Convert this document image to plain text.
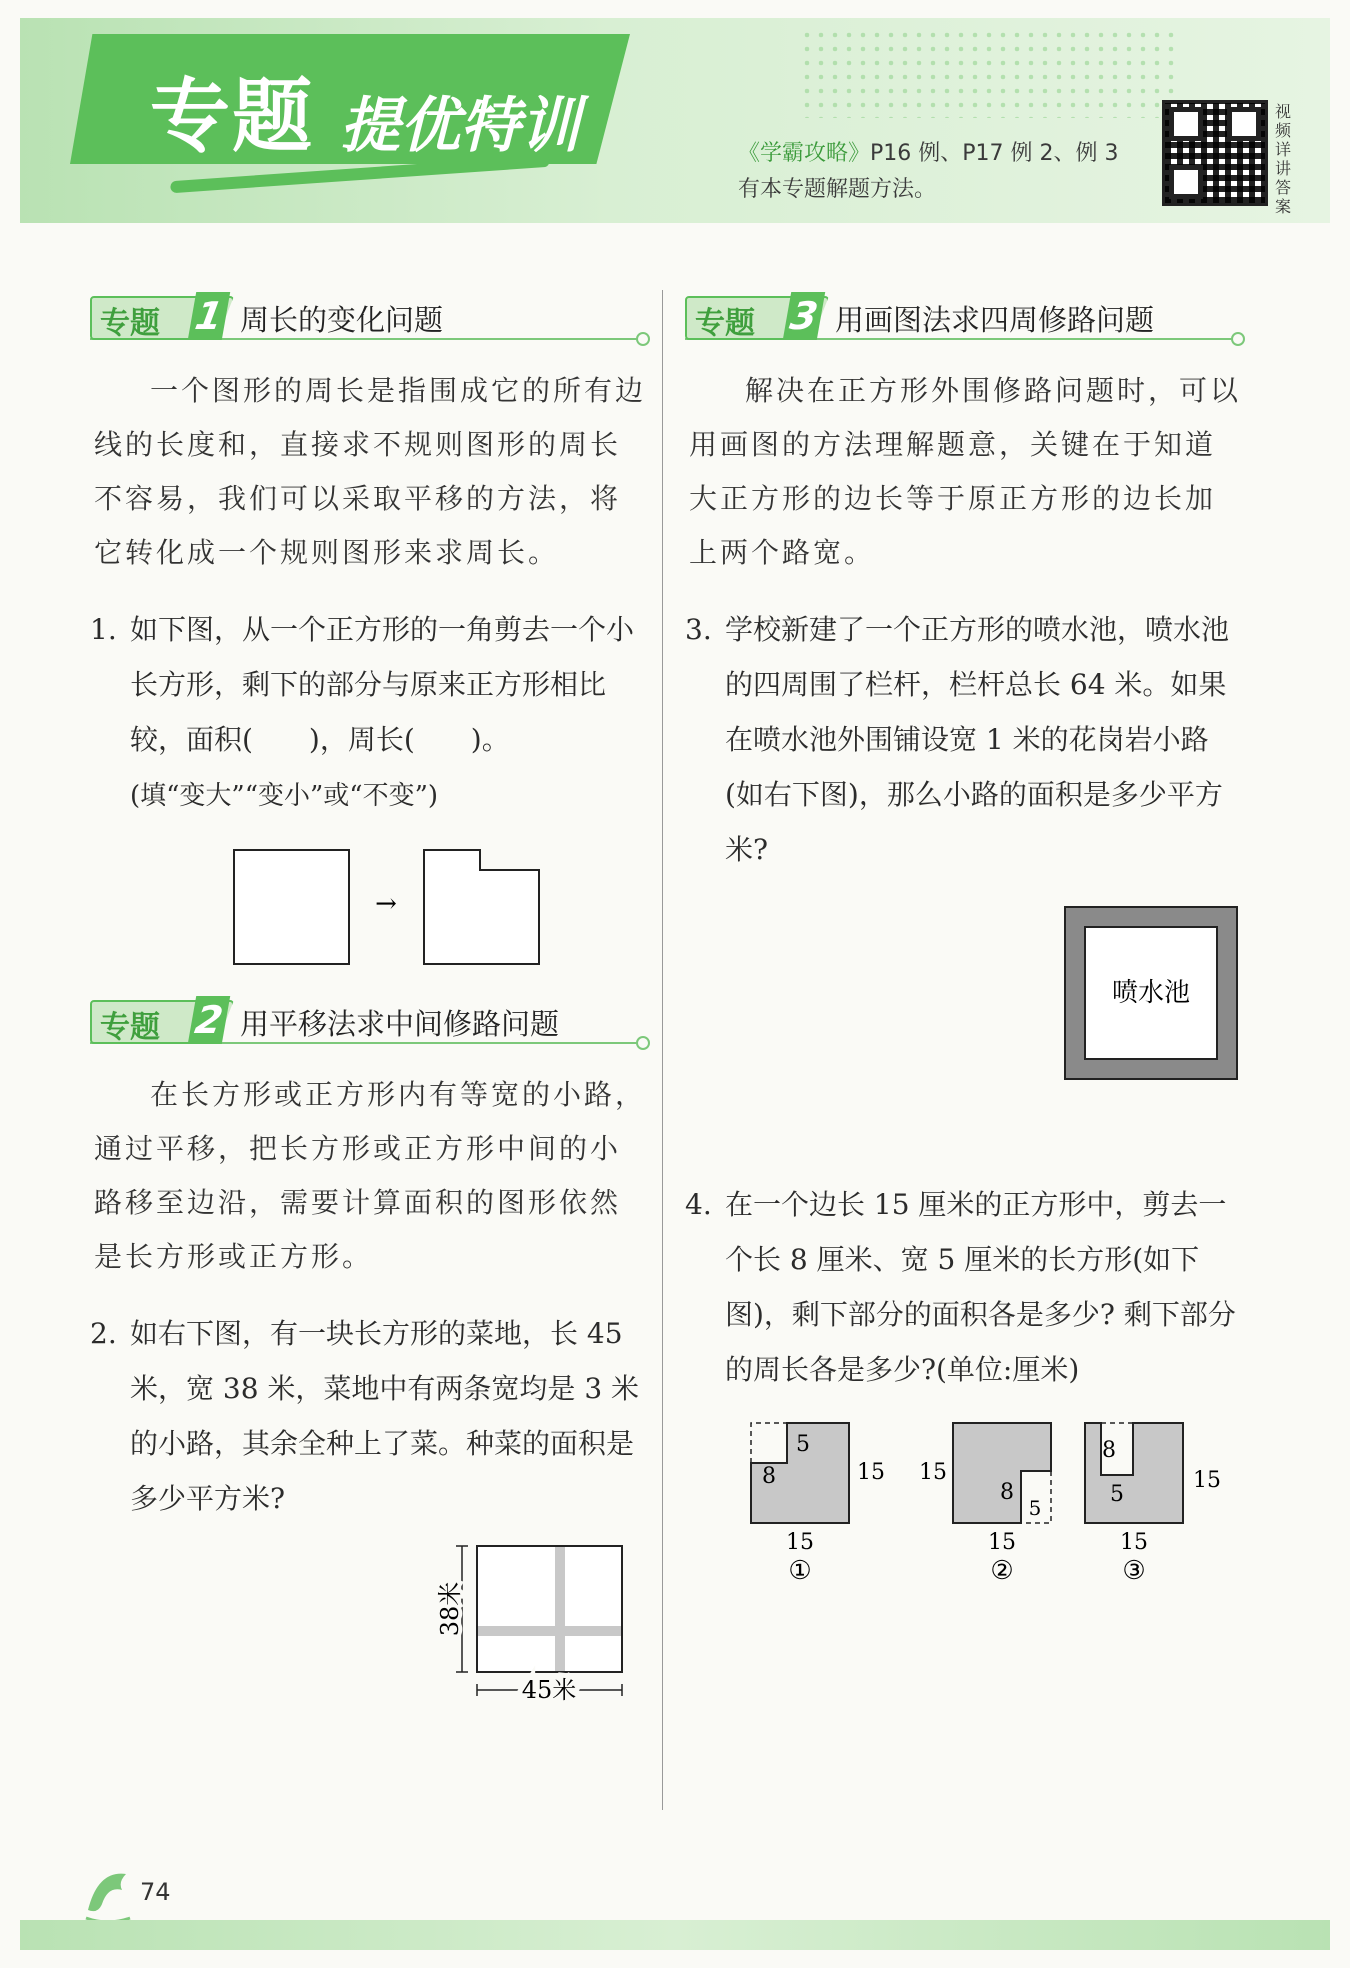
专题 提优特训	《学霸攻略》P16 例、P17 例 2、例 3
有本专题解题方法。
视频详讲答案
专题 1 周长的变化问题

一个图形的周长是指围成它的所有边线的长度和，直接求不规则图形的周长不容易，我们可以采取平移的方法，将它转化成一个规则图形来求周长。

1. 如下图，从一个正方形的一角剪去一个小长方形，剩下的部分与原来正方形相比较，面积(　　)，周长(　　)。
(填“变大”“变小”或“不变”)
→
专题 2 用平移法求中间修路问题

在长方形或正方形内有等宽的小路，通过平移，把长方形或正方形中间的小路移至边沿，需要计算面积的图形依然是长方形或正方形。

2. 如右下图，有一块长方形的菜地，长 45 米，宽 38 米，菜地中有两条宽均是 3 米的小路，其余全种上了菜。种菜的面积是多少平方米?
38米
45米
专题 3 用画图法求四周修路问题

解决在正方形外围修路问题时，可以用画图的方法理解题意，关键在于知道大正方形的边长等于原正方形的边长加上两个路宽。

3. 学校新建了一个正方形的喷水池，喷水池的四周围了栏杆，栏杆总长 64 米。如果在喷水池外围铺设宽 1 米的花岗岩小路(如右下图)，那么小路的面积是多少平方米?
喷水池
4. 在一个边长 15 厘米的正方形中，剪去一个长 8 厘米、宽 5 厘米的长方形(如下图)，剩下部分的面积各是多少? 剩下部分的周长各是多少?(单位:厘米)
5
8	15
15
①
8
5
15
15
②
8
5
15
15
③
74
